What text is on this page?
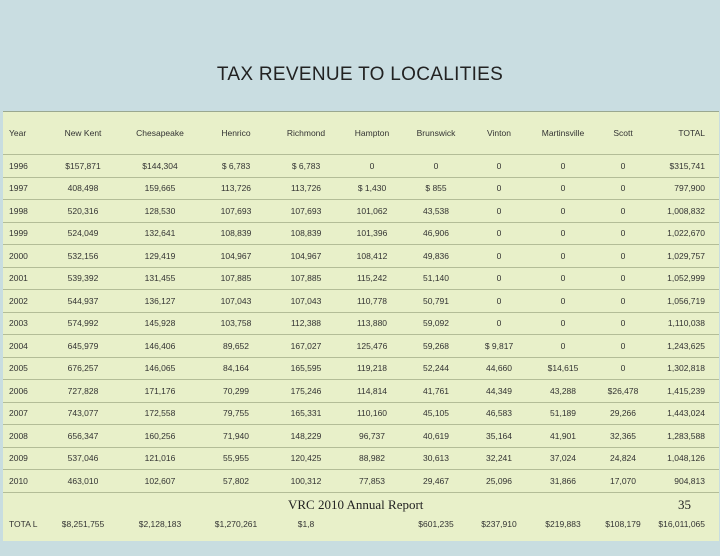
TAX REVENUE TO LOCALITIES
Year	New Kent	Chesapeake	Henrico	Richmond	Hampton	Brunswick	Vinton	Martinsville	Scott	TOTAL
1996	$157,871	$144,304	$ 6,783	$ 6,783	0	0	0	0	0	$315,741
1997	408,498	159,665	113,726	113,726	$ 1,430	$ 855	0	0	0	797,900
1998	520,316	128,530	107,693	107,693	101,062	43,538	0	0	0	1,008,832
1999	524,049	132,641	108,839	108,839	101,396	46,906	0	0	0	1,022,670
2000	532,156	129,419	104,967	104,967	108,412	49,836	0	0	0	1,029,757
2001	539,392	131,455	107,885	107,885	115,242	51,140	0	0	0	1,052,999
2002	544,937	136,127	107,043	107,043	110,778	50,791	0	0	0	1,056,719
2003	574,992	145,928	103,758	112,388	113,880	59,092	0	0	0	1,110,038
2004	645,979	146,406	89,652	167,027	125,476	59,268	$ 9,817	0	0	1,243,625
2005	676,257	146,065	84,164	165,595	119,218	52,244	44,660	$14,615	0	1,302,818
2006	727,828	171,176	70,299	175,246	114,814	41,761	44,349	43,288	$26,478	1,415,239
2007	743,077	172,558	79,755	165,331	110,160	45,105	46,583	51,189	29,266	1,443,024
2008	656,347	160,256	71,940	148,229	96,737	40,619	35,164	41,901	32,365	1,283,588
2009	537,046	121,016	55,955	120,425	88,982	30,613	32,241	37,024	24,824	1,048,126
2010	463,010	102,607	57,802	100,312	77,853	29,467	25,096	31,866	17,070	904,813
TOTA L	$8,251,755	$2,128,183	$1,270,261	$1,8		$601,235	$237,910	$219,883	$108,179	$16,011,065
VRC 2010 Annual Report	35
